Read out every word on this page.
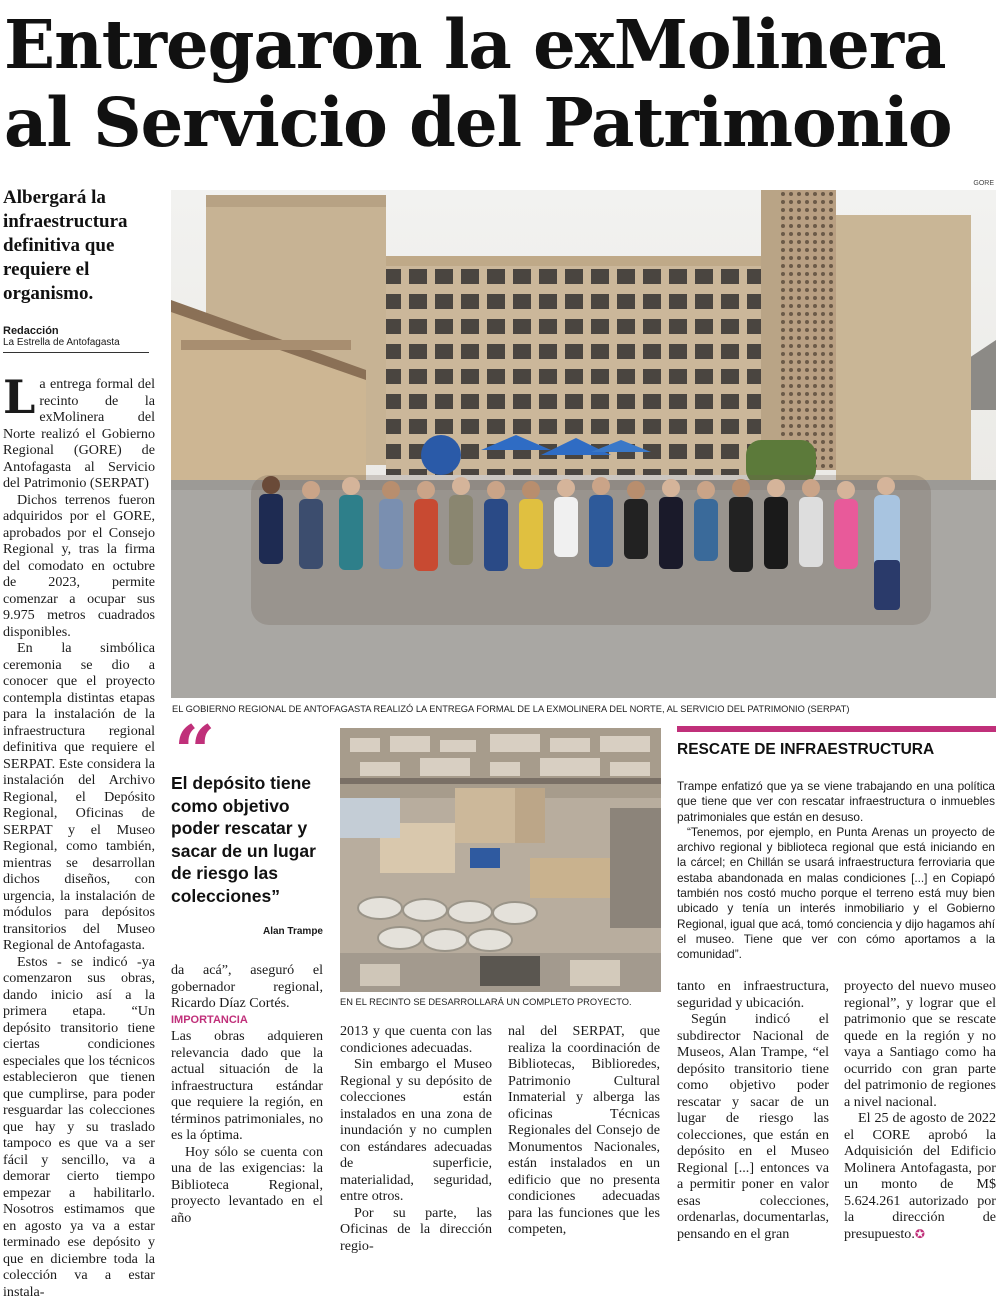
Entregaron la exMolinera
al Servicio del Patrimonio
Albergará la infraestructura definitiva que requiere el organismo.
Redacción
La Estrella de Antofagasta
GORE
EL GOBIERNO REGIONAL DE ANTOFAGASTA REALIZÓ LA ENTREGA FORMAL DE LA EXMOLINERA DEL NORTE, AL SERVICIO DEL PATRIMONIO (SERPAT)

La entrega formal del recinto de la exMolinera del Norte realizó el Gobierno Regional (GORE) de Antofagasta al Servicio del Patrimonio (SERPAT)

Dichos terrenos fueron adquiridos por el GORE, aprobados por el Consejo Regional y, tras la firma del comodato en octubre de 2023, permite comenzar a ocupar sus 9.975 metros cuadrados disponibles.

En la simbólica ceremonia se dio a conocer que el proyecto contempla distintas etapas para la instalación de la infraestructura regional definitiva que requiere el SERPAT. Este considera la instalación del Archivo Regional, el Depósito Regional, Oficinas de SERPAT y el Museo Regional, como también, mientras se desarrollan dichos diseños, con urgencia, la instalación de módulos para depósitos transitorios del Museo Regional de Antofagasta.

Estos - se indicó -ya comenzaron sus obras, dando inicio así a la primera etapa. “Un depósito transitorio tiene ciertas condiciones especiales que los técnicos establecieron que tienen que cumplirse, para poder resguardar las colecciones que hay y su traslado tampoco es que va a ser fácil y sencillo, va a demorar cierto tiempo empezar a habilitarlo. Nosotros estimamos que en agosto ya va a estar terminado ese depósito y que en diciembre toda la colección va a estar instala-

“
El depósito tiene como objetivo poder rescatar y sacar de un lugar de riesgo las colecciones”
Alan Trampe
EN EL RECINTO SE DESARROLLARÁ UN COMPLETO PROYECTO.

da acá”, aseguró el gobernador regional, Ricardo Díaz Cortés.

IMPORTANCIA

Las obras adquieren relevancia dado que la actual situación de la infraestructura estándar que requiere la región, en términos patrimoniales, no es la óptima.

Hoy sólo se cuenta con una de las exigencias: la Biblioteca Regional, proyecto levantado en el año

2013 y que cuenta con las condiciones adecuadas.

Sin embargo el Museo Regional y su depósito de colecciones están instalados en una zona de inundación y no cumplen con estándares adecuadas de superficie, materialidad, seguridad, entre otros.

Por su parte, las Oficinas de la dirección regio-

nal del SERPAT, que realiza la coordinación de Bibliotecas, Biblioredes, Patrimonio Cultural Inmaterial y alberga las oficinas Técnicas Regionales del Consejo de Monumentos Nacionales, están instalados en un edificio que no presenta condiciones adecuadas para las funciones que les competen,

RESCATE DE INFRAESTRUCTURA

Trampe enfatizó que ya se viene trabajando en una política que tiene que ver con rescatar infraestructura o inmuebles patrimoniales que están en desuso.

“Tenemos, por ejemplo, en Punta Arenas un proyecto de archivo regional y biblioteca regional que está iniciando en la cárcel; en Chillán se usará infraestructura ferroviaria que estaba abandonada en malas condiciones [...] en Copiapó también nos costó mucho porque el terreno está muy bien ubicado y tenía un interés inmobiliario y el Gobierno Regional, igual que acá, tomó conciencia y dijo hagamos ahí el museo. Tiene que ver con cómo aportamos a la comunidad”.

tanto en infraestructura, seguridad y ubicación.

Según indicó el subdirector Nacional de Museos, Alan Trampe, “el depósito transitorio tiene como objetivo poder rescatar y sacar de un lugar de riesgo las colecciones, que están en depósito en el Museo Regional [...] entonces va a permitir poner en valor esas colecciones, ordenarlas, documentarlas, pensando en el gran

proyecto del nuevo museo regional”, y lograr que el patrimonio que se rescate quede en la región y no vaya a Santiago como ha ocurrido con gran parte del patrimonio de regiones a nivel nacional.

El 25 de agosto de 2022 el CORE aprobó la Adquisición del Edificio Molinera Antofagasta, por un monto de M$ 5.624.261 autorizado por la dirección de presupuesto.✪
